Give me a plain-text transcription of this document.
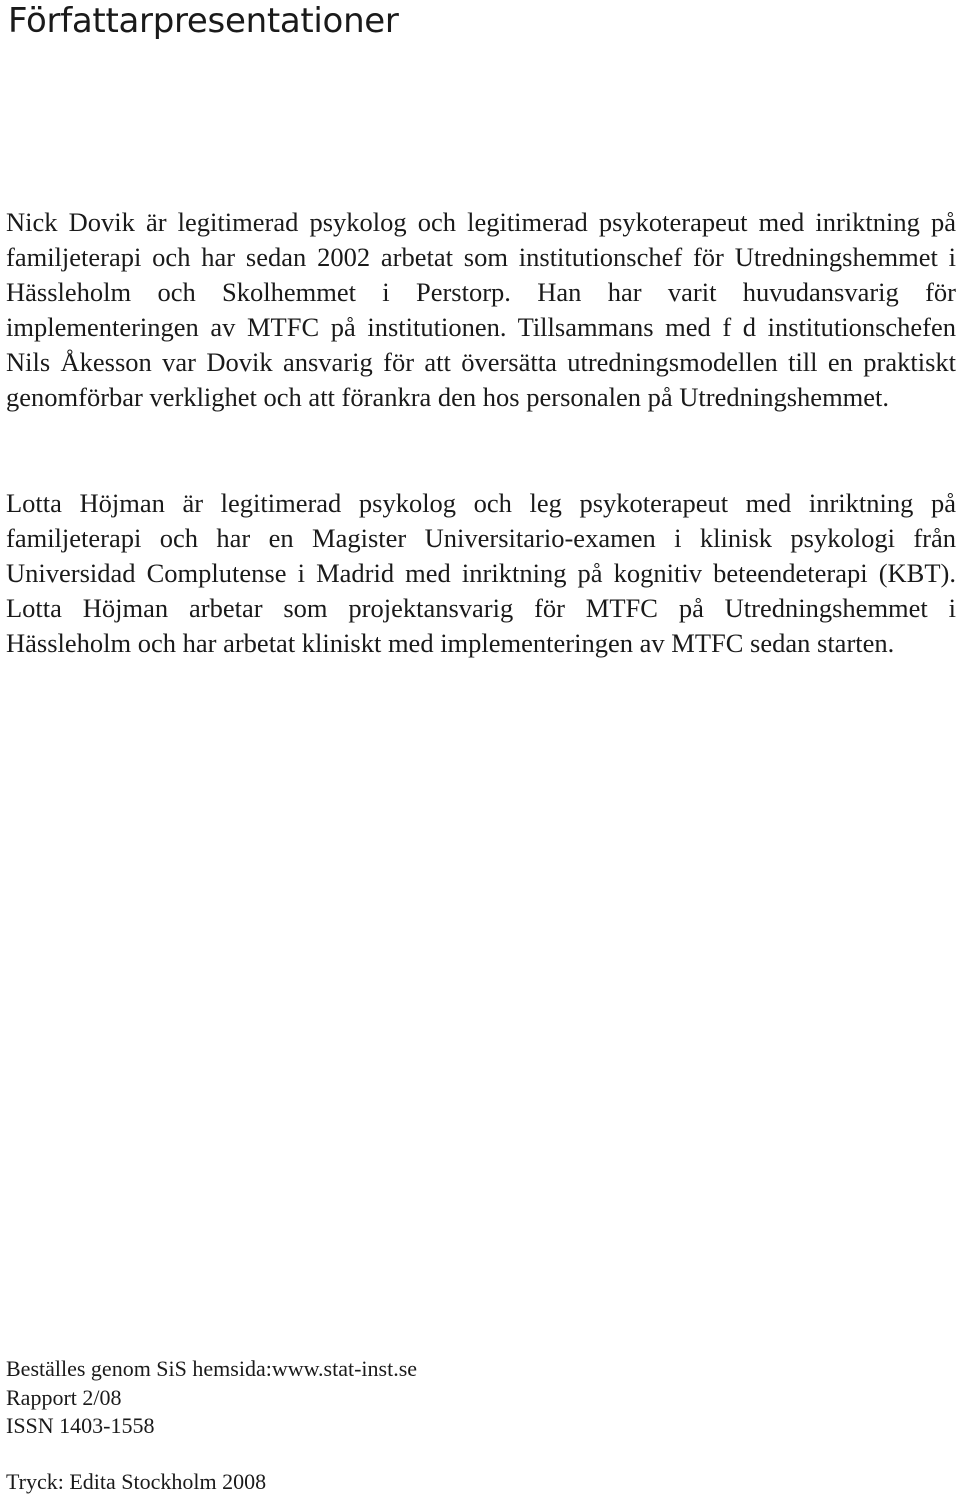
Författarpresentationer

Nick Dovik är legitimerad psykolog och legitimerad psykoterapeut med inriktning på familjeterapi och har sedan 2002 arbetat som institutionschef för Utredningshemmet i Hässleholm och Skolhemmet i Perstorp. Han har varit huvudansvarig för implementeringen av MTFC på institutionen. Tillsammans med f d institutionschefen Nils Åkesson var Dovik ansvarig för att översätta utredningsmodellen till en praktiskt genomförbar verklighet och att förankra den hos personalen på Utredningshemmet.

Lotta Höjman är legitimerad psykolog och leg psykoterapeut med inriktning på familjeterapi och har en Magister Universitario-examen i klinisk psykologi från Universidad Complutense i Madrid med inriktning på kognitiv beteendeterapi (KBT). Lotta Höjman arbetar som projektansvarig för MTFC på Utredningshemmet i Hässleholm och har arbetat kliniskt med implementeringen av MTFC sedan starten.

Beställes genom SiS hemsida:www.stat-inst.se

Rapport 2/08

ISSN 1403-1558

Tryck: Edita Stockholm 2008
